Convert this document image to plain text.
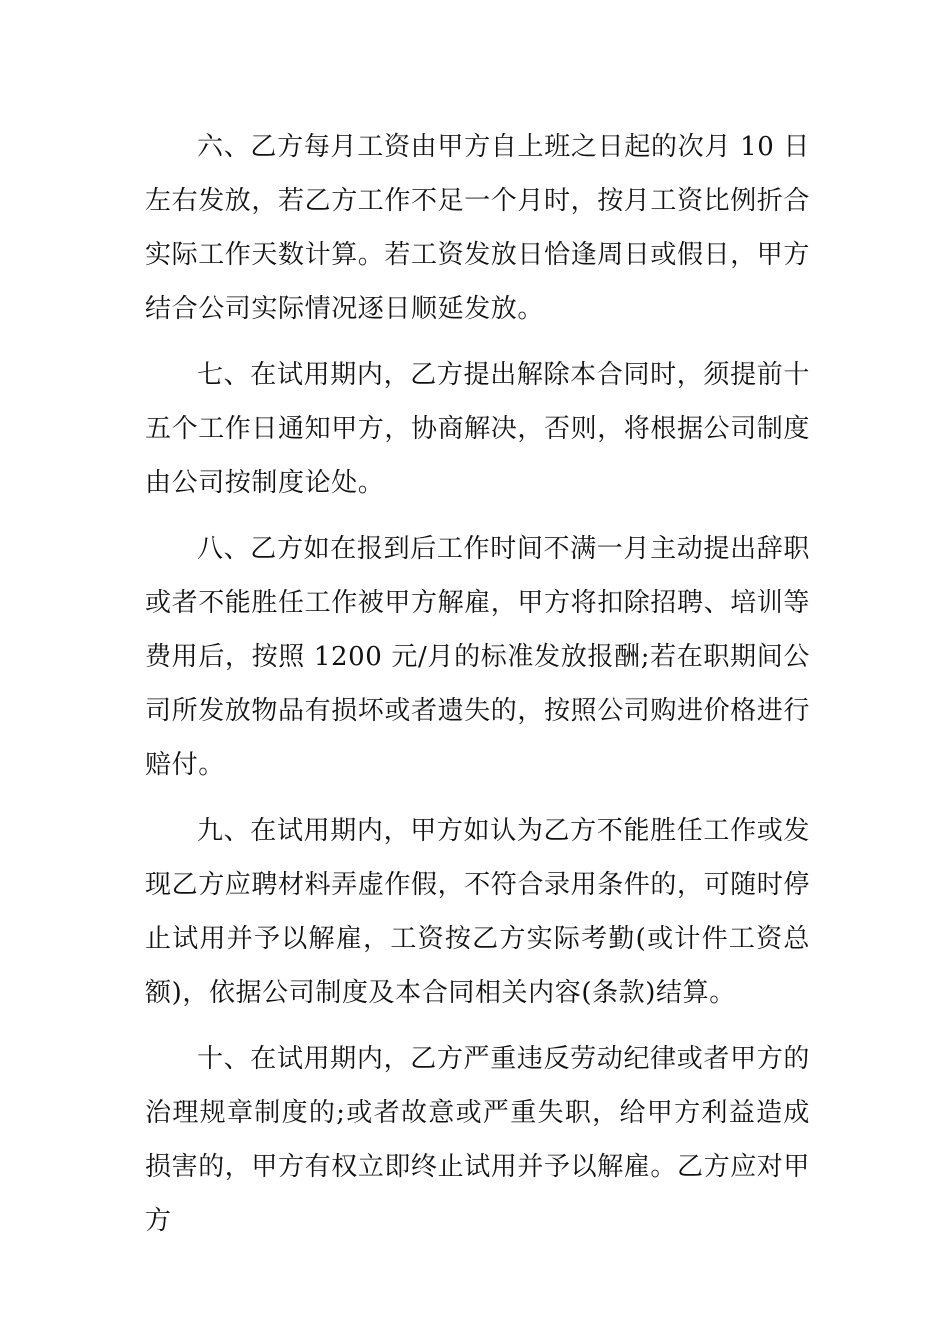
六、乙方每月工资由甲方自上班之日起的次月 10 日左右发放，若乙方工作不足一个月时，按月工资比例折合实际工作天数计算。若工资发放日恰逢周日或假日，甲方结合公司实际情况逐日顺延发放。

七、在试用期内，乙方提出解除本合同时，须提前十五个工作日通知甲方，协商解决，否则，将根据公司制度由公司按制度论处。

八、乙方如在报到后工作时间不满一月主动提出辞职或者不能胜任工作被甲方解雇，甲方将扣除招聘、培训等费用后，按照 1200 元/月的标准发放报酬;若在职期间公司所发放物品有损坏或者遗失的，按照公司购进价格进行赔付。

九、在试用期内，甲方如认为乙方不能胜任工作或发现乙方应聘材料弄虚作假，不符合录用条件的，可随时停止试用并予以解雇，工资按乙方实际考勤(或计件工资总额)，依据公司制度及本合同相关内容(条款)结算。

十、在试用期内，乙方严重违反劳动纪律或者甲方的治理规章制度的;或者故意或严重失职，给甲方利益造成损害的，甲方有权立即终止试用并予以解雇。乙方应对甲方
